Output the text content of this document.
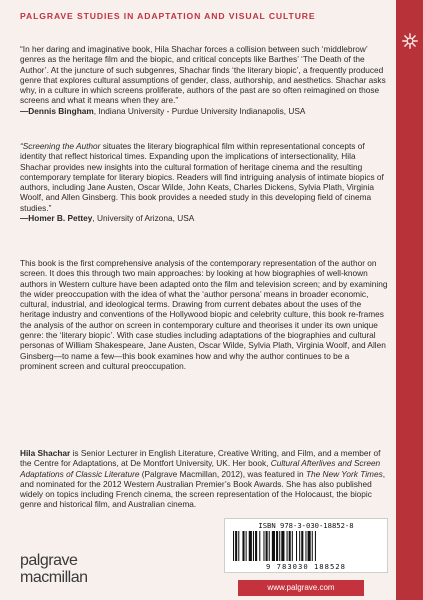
PALGRAVE STUDIES IN ADAPTATION AND VISUAL CULTURE

“In her daring and imaginative book, Hila Shachar forces a collision between such ‘middlebrow’ genres as the heritage film and the biopic, and critical concepts like Barthes’ ‘The Death of the Author’. At the juncture of such subgenres, Shachar finds ‘the literary biopic’, a frequently produced genre that explores cultural assumptions of gender, class, authorship, and aesthetics. Shachar asks why, in a culture in which screens proliferate, authors of the past are so often reimagined on those screens and what it means when they are.”

—Dennis Bingham, Indiana University - Purdue University Indianapolis, USA

“Screening the Author situates the literary biographical film within representational concepts of identity that reflect historical times. Expanding upon the implications of intersectionality, Hila Shachar provides new insights into the cultural formation of heritage cinema and the resulting contemporary template for literary biopics. Readers will find intriguing analysis of intimate biopics of authors, including Jane Austen, Oscar Wilde, John Keats, Charles Dickens, Sylvia Plath, Virginia Woolf, and Allen Ginsberg. This book provides a needed study in this developing field of cinema studies.”

—Homer B. Pettey, University of Arizona, USA

This book is the first comprehensive analysis of the contemporary representation of the author on screen. It does this through two main approaches: by looking at how biographies of well-known authors in Western culture have been adapted onto the film and television screen; and by examining the wider preoccupation with the idea of what the ‘author persona’ means in broader economic, cultural, industrial, and ideological terms. Drawing from current debates about the uses of the heritage industry and conventions of the Hollywood biopic and celebrity culture, this book re-frames the analysis of the author on screen in contemporary culture and theorises it under its own unique genre: the ‘literary biopic’. With case studies including adaptations of the biographies and cultural personas of William Shakespeare, Jane Austen, Oscar Wilde, Sylvia Plath, Virginia Woolf, and Allen Ginsberg—to name a few—this book examines how and why the author continues to be a prominent screen and cultural preoccupation.

Hila Shachar is Senior Lecturer in English Literature, Creative Writing, and Film, and a member of the Centre for Adaptations, at De Montfort University, UK. Her book, Cultural Afterlives and Screen Adaptations of Classic Literature (Palgrave Macmillan, 2012), was featured in The New York Times, and nominated for the 2012 Western Australian Premier’s Book Awards. She has also published widely on topics including French cinema, the screen representation of the Holocaust, the biopic genre and historical film, and Australian cinema.

ISBN 978-3-030-18852-8
9 783030 188528
palgrave
macmillan
www.palgrave.com
